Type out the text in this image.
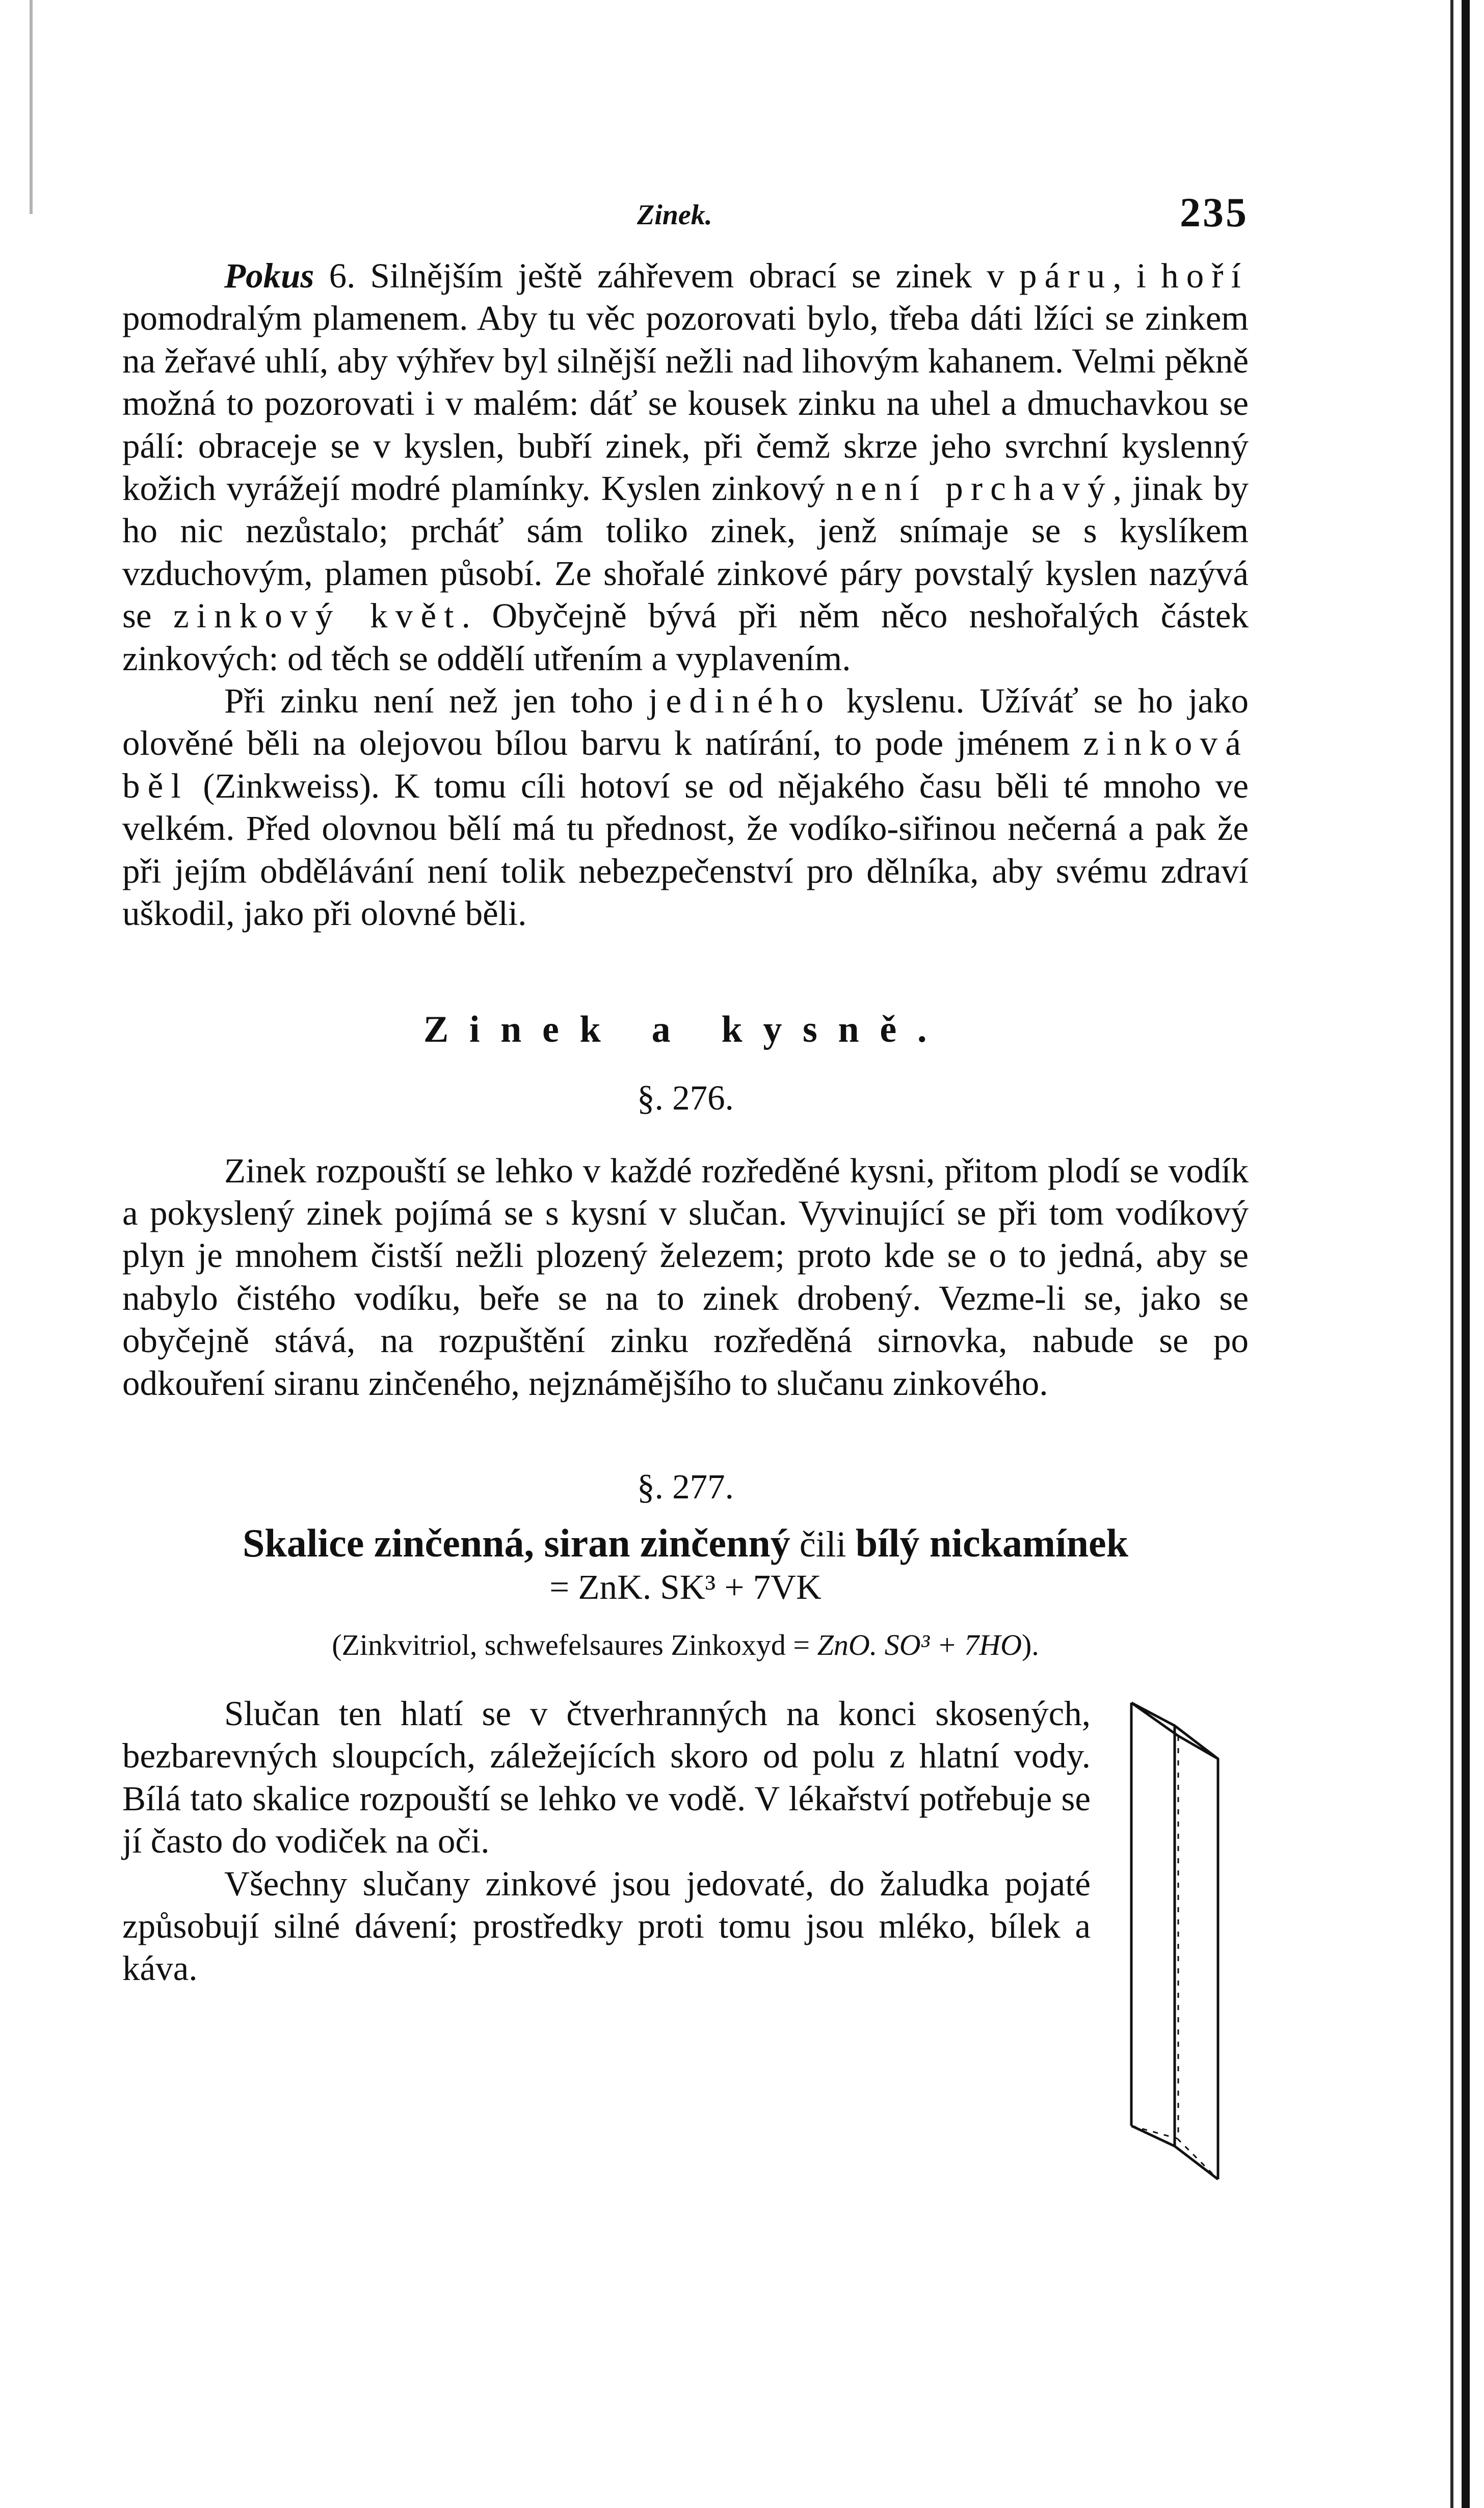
Zinek.	235

Pokus 6. Silnějším ještě záhřevem obrací se zinek v páru, i hoří pomodralým plamenem. Aby tu věc pozorovati bylo, třeba dáti lžíci se zinkem na žeřavé uhlí, aby výhřev byl silnější nežli nad lihovým kahanem. Velmi pěkně možná to pozorovati i v malém: dáť se kousek zinku na uhel a dmuchavkou se pálí: obraceje se v kyslen, bubří zinek, při čemž skrze jeho svrchní kyslenný kožich vyrážejí modré plamínky. Kyslen zinkový není prchavý, jinak by ho nic nezůstalo; prcháť sám toliko zinek, jenž snímaje se s kyslíkem vzduchovým, plamen působí. Ze shořalé zinkové páry povstalý kyslen nazývá se zinkový květ. Obyčejně bývá při něm něco neshořalých částek zinkových: od těch se oddělí utřením a vyplavením.

Při zinku není než jen toho jediného kyslenu. Užíváť se ho jako olověné běli na olejovou bílou barvu k natírání, to pode jménem zinková běl (Zinkweiss). K tomu cíli hotoví se od nějakého času běli té mnoho ve velkém. Před olovnou bělí má tu přednost, že vodíko-siřinou nečerná a pak že při jejím obdělávání není tolik nebezpečenství pro dělníka, aby svému zdraví uškodil, jako při olovné běli.

Zinek a kysně.
§. 276.

Zinek rozpouští se lehko v každé rozředěné kysni, přitom plodí se vodík a pokyslený zinek pojímá se s kysní v slučan. Vyvinující se při tom vodíkový plyn je mnohem čistší nežli plozený železem; proto kde se o to jedná, aby se nabylo čistého vodíku, beře se na to zinek drobený. Vezme-li se, jako se obyčejně stává, na rozpuštění zinku rozředěná sirnovka, nabude se po odkouření siranu zinčeného, nejznámějšího to slučanu zinkového.

§. 277.

Skalice zinčenná, siran zinčenný čili bílý nickamínek

= ZnK. SK³ + 7VK

(Zinkvitriol, schwefelsaures Zinkoxyd = ZnO. SO³ + 7HO).

Slučan ten hlatí se v čtverhranných na konci skosených, bezbarevných sloupcích, záležejících skoro od polu z hlatní vody. Bílá tato skalice rozpouští se lehko ve vodě. V lékařství potřebuje se jí často do vodiček na oči.

Všechny slučany zinkové jsou jedovaté, do žaludka pojaté způsobují silné dávení; prostředky proti tomu jsou mléko, bílek a káva.
